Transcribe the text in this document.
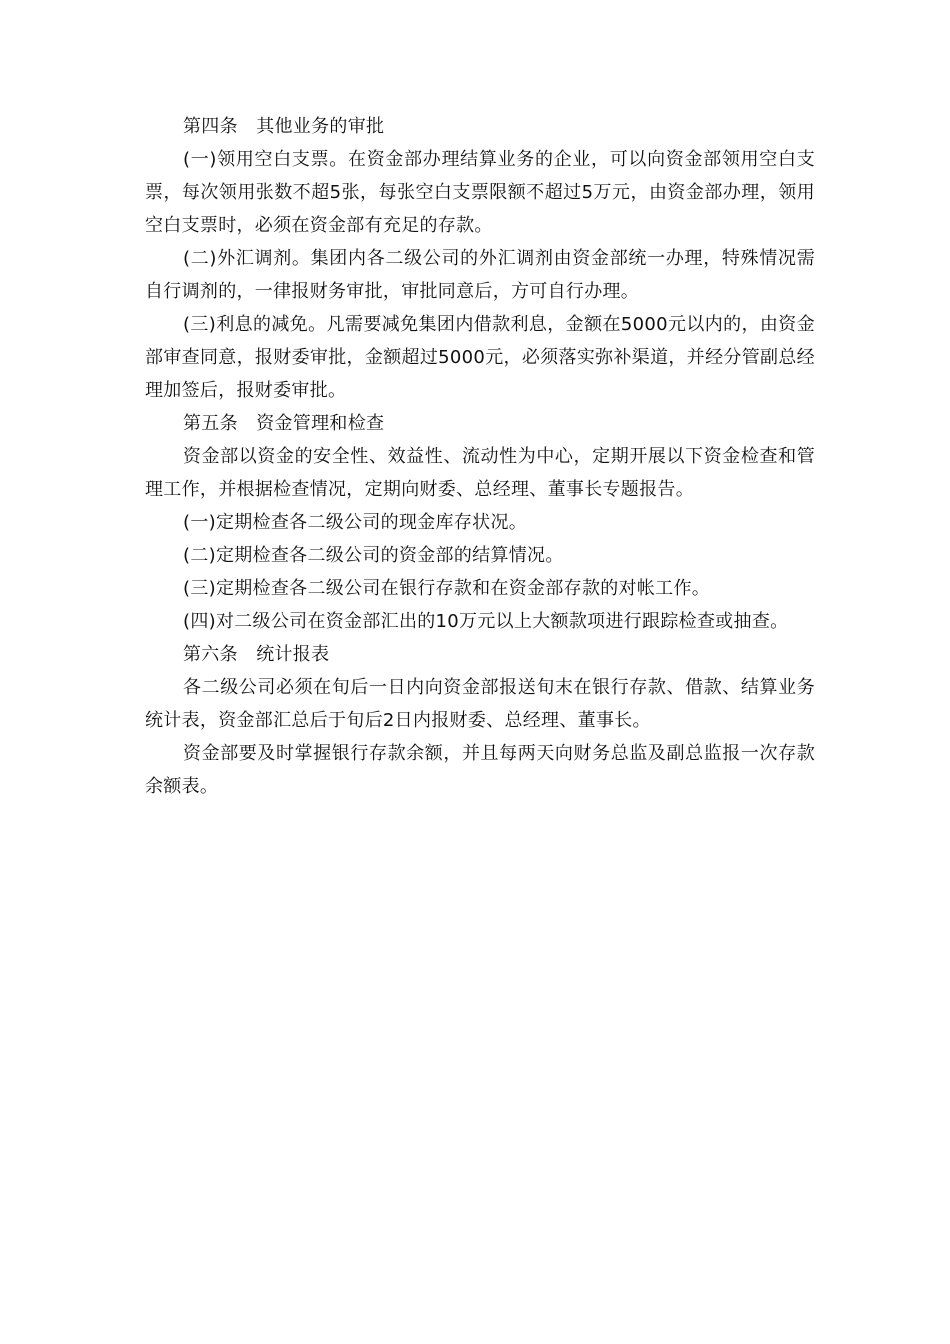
第四条　其他业务的审批

(一)领用空白支票。在资金部办理结算业务的企业，可以向资金部领用空白支票，每次领用张数不超5张，每张空白支票限额不超过5万元，由资金部办理，领用空白支票时，必须在资金部有充足的存款。

(二)外汇调剂。集团内各二级公司的外汇调剂由资金部统一办理，特殊情况需自行调剂的，一律报财务审批，审批同意后，方可自行办理。

(三)利息的减免。凡需要减免集团内借款利息，金额在5000元以内的，由资金部审查同意，报财委审批，金额超过5000元，必须落实弥补渠道，并经分管副总经理加签后，报财委审批。

第五条　资金管理和检查

资金部以资金的安全性、效益性、流动性为中心，定期开展以下资金检查和管理工作，并根据检查情况，定期向财委、总经理、董事长专题报告。

(一)定期检查各二级公司的现金库存状况。

(二)定期检查各二级公司的资金部的结算情况。

(三)定期检查各二级公司在银行存款和在资金部存款的对帐工作。

(四)对二级公司在资金部汇出的10万元以上大额款项进行跟踪检查或抽查。

第六条　统计报表

各二级公司必须在旬后一日内向资金部报送旬末在银行存款、借款、结算业务统计表，资金部汇总后于旬后2日内报财委、总经理、董事长。

资金部要及时掌握银行存款余额，并且每两天向财务总监及副总监报一次存款余额表。
